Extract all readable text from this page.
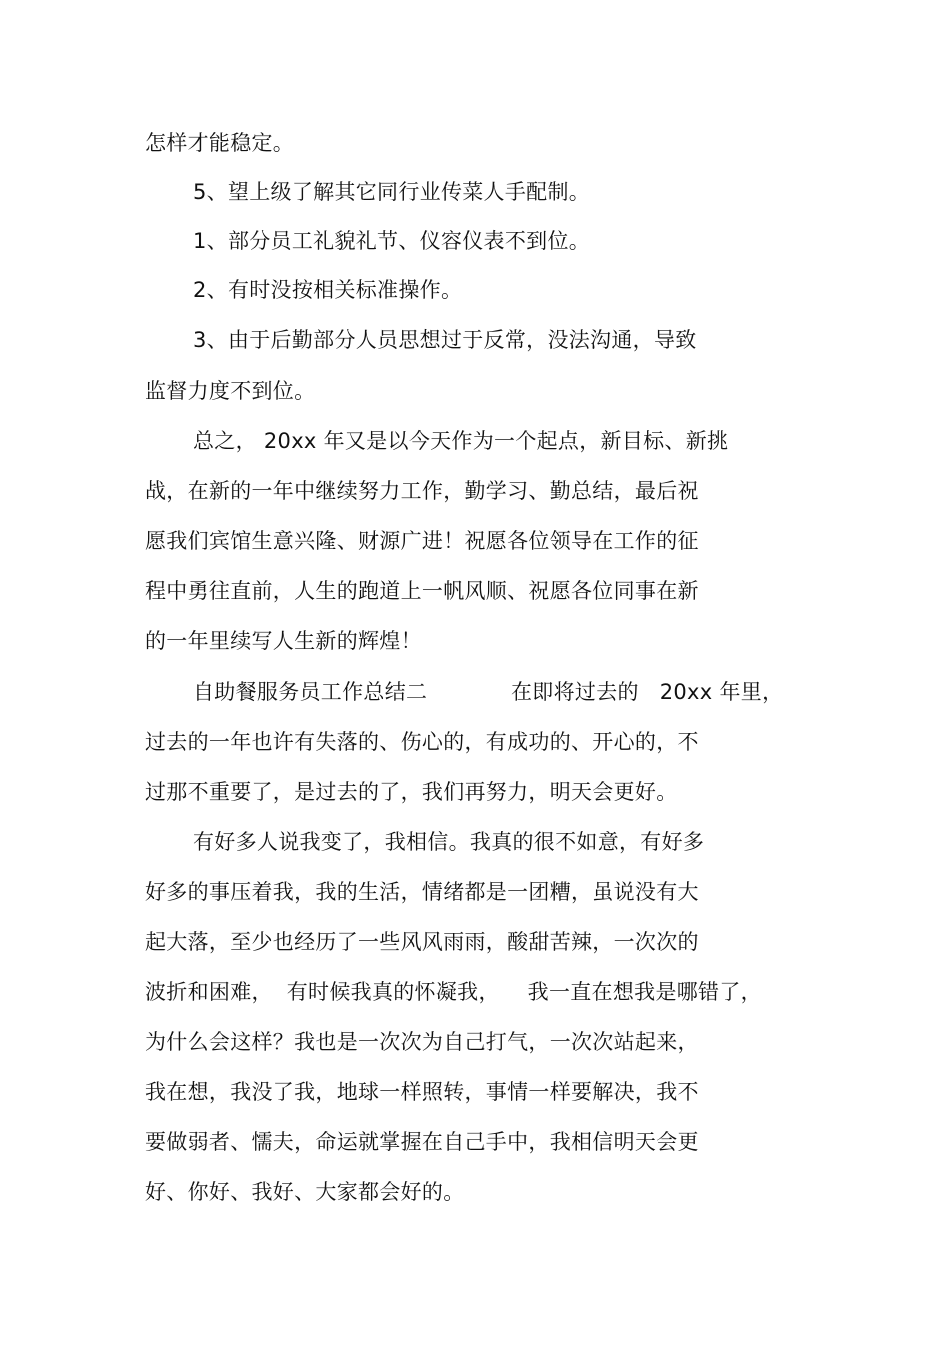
怎样才能稳定。
5、望上级了解其它同行业传菜人手配制。
1、部分员工礼貌礼节、仪容仪表不到位。
2、有时没按相关标准操作。
3、由于后勤部分人员思想过于反常，没法沟通，导致
监督力度不到位。
总之， 20xx 年又是以今天作为一个起点，新目标、新挑
战，在新的一年中继续努力工作，勤学习、勤总结，最后祝
愿我们宾馆生意兴隆、财源广进！祝愿各位领导在工作的征
程中勇往直前，人生的跑道上一帆风顺、祝愿各位同事在新
的一年里续写人生新的辉煌！
自助餐服务员工作总结二            在即将过去的   20xx 年里，
过去的一年也许有失落的、伤心的，有成功的、开心的，不
过那不重要了，是过去的了，我们再努力，明天会更好。
有好多人说我变了，我相信。我真的很不如意，有好多
好多的事压着我，我的生活，情绪都是一团糟，虽说没有大
起大落，至少也经历了一些风风雨雨，酸甜苦辣，一次次的
波折和困难，  有时候我真的怀凝我，    我一直在想我是哪错了，
为什么会这样？我也是一次次为自己打气，一次次站起来，
我在想，我没了我，地球一样照转，事情一样要解决，我不
要做弱者、懦夫，命运就掌握在自己手中，我相信明天会更
好、你好、我好、大家都会好的。
